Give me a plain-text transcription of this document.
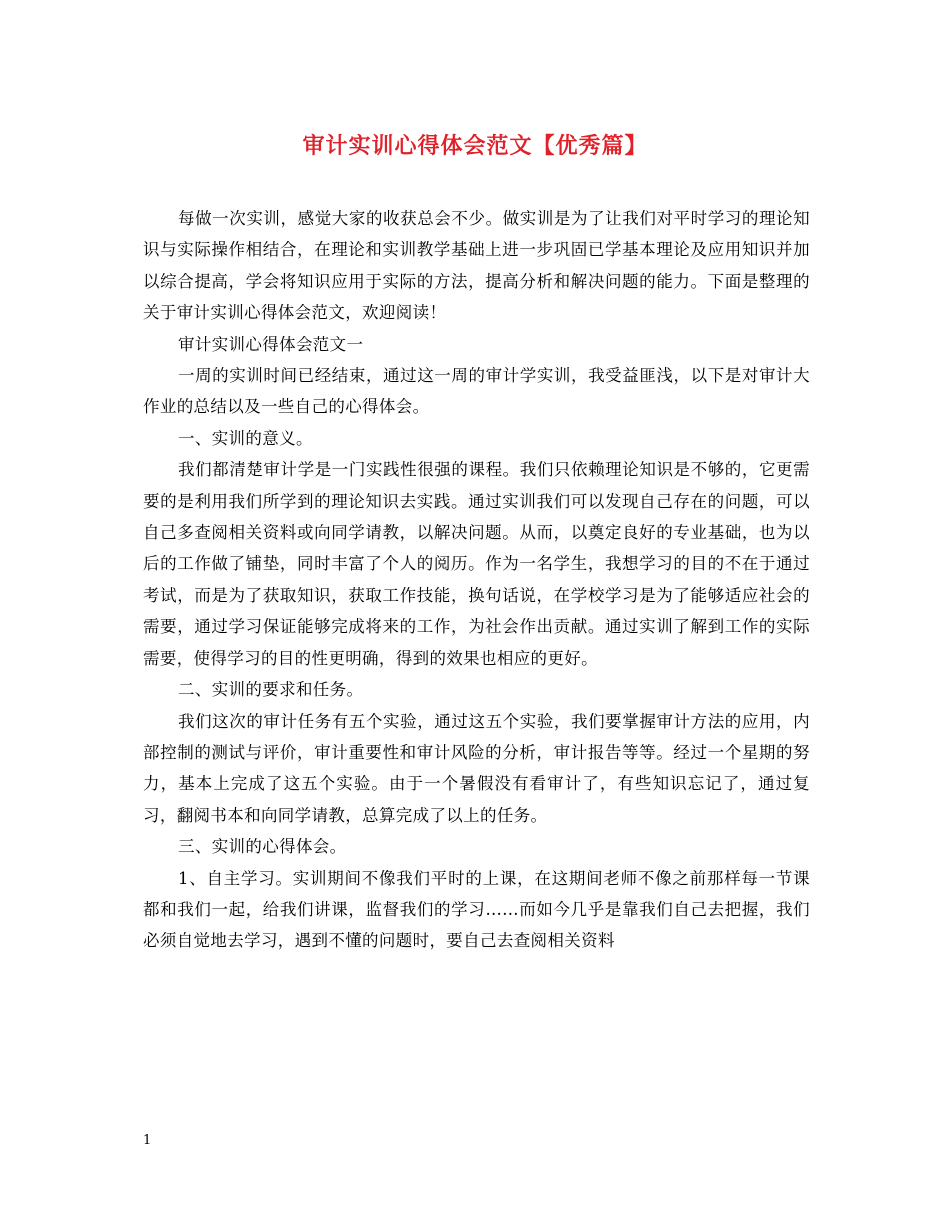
审计实训心得体会范文【优秀篇】

每做一次实训，感觉大家的收获总会不少。做实训是为了让我们对平时学习的理论知识与实际操作相结合，在理论和实训教学基础上进一步巩固已学基本理论及应用知识并加以综合提高，学会将知识应用于实际的方法，提高分析和解决问题的能力。下面是整理的关于审计实训心得体会范文，欢迎阅读！

审计实训心得体会范文一

一周的实训时间已经结束，通过这一周的审计学实训，我受益匪浅，以下是对审计大作业的总结以及一些自己的心得体会。

一、实训的意义。

我们都清楚审计学是一门实践性很强的课程。我们只依赖理论知识是不够的，它更需要的是利用我们所学到的理论知识去实践。通过实训我们可以发现自己存在的问题，可以自己多查阅相关资料或向同学请教，以解决问题。从而，以奠定良好的专业基础，也为以后的工作做了铺垫，同时丰富了个人的阅历。作为一名学生，我想学习的目的不在于通过考试，而是为了获取知识，获取工作技能，换句话说，在学校学习是为了能够适应社会的需要，通过学习保证能够完成将来的工作，为社会作出贡献。通过实训了解到工作的实际需要，使得学习的目的性更明确，得到的效果也相应的更好。

二、实训的要求和任务。

我们这次的审计任务有五个实验，通过这五个实验，我们要掌握审计方法的应用，内部控制的测试与评价，审计重要性和审计风险的分析，审计报告等等。经过一个星期的努力，基本上完成了这五个实验。由于一个暑假没有看审计了，有些知识忘记了，通过复习，翻阅书本和向同学请教，总算完成了以上的任务。

三、实训的心得体会。

1、自主学习。实训期间不像我们平时的上课，在这期间老师不像之前那样每一节课都和我们一起，给我们讲课，监督我们的学习……而如今几乎是靠我们自己去把握，我们必须自觉地去学习，遇到不懂的问题时，要自己去查阅相关资料

1
